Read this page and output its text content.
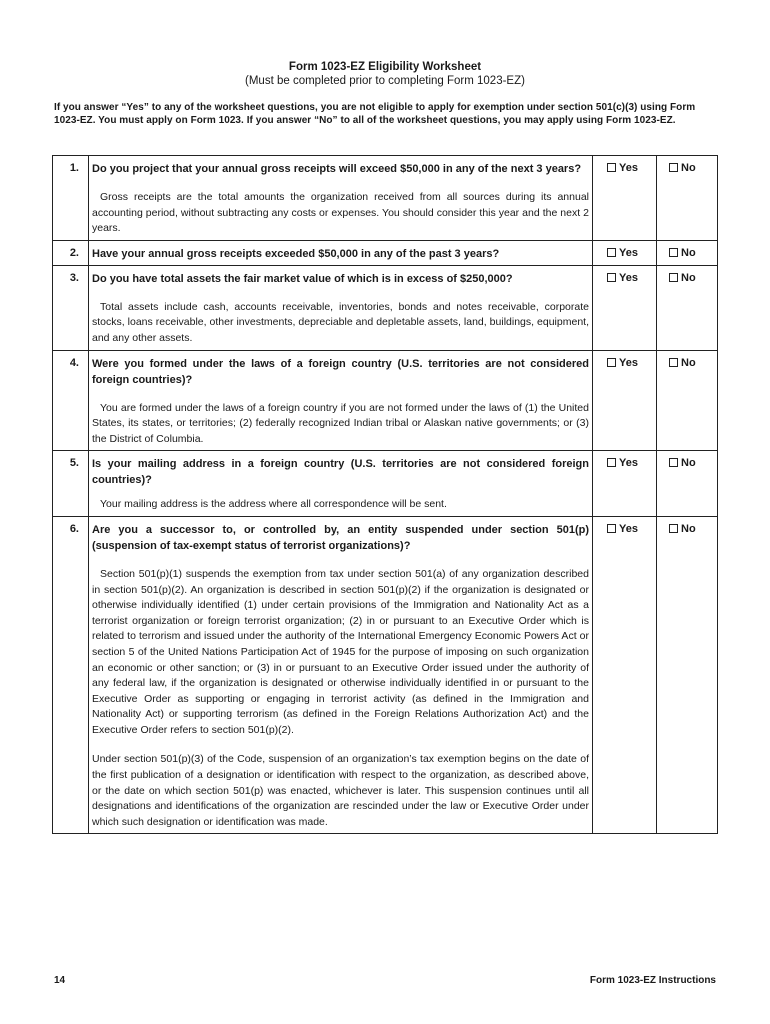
Form 1023-EZ Eligibility Worksheet
(Must be completed prior to completing Form 1023-EZ)
If you answer “Yes” to any of the worksheet questions, you are not eligible to apply for exemption under section 501(c)(3) using Form 1023-EZ. You must apply on Form 1023. If you answer “No” to all of the worksheet questions, you may apply using Form 1023-EZ.
1.	Do you project that your annual gross receipts will exceed $50,000 in any of the next 3 years?
Gross receipts are the total amounts the organization received from all sources during its annual accounting period, without subtracting any costs or expenses. You should consider this year and the next 2 years.	Yes	No
2.	Have your annual gross receipts exceeded $50,000 in any of the past 3 years?	Yes	No
3.	Do you have total assets the fair market value of which is in excess of $250,000?
Total assets include cash, accounts receivable, inventories, bonds and notes receivable, corporate stocks, loans receivable, other investments, depreciable and depletable assets, land, buildings, equipment, and any other assets.	Yes	No
4.	Were you formed under the laws of a foreign country (U.S. territories are not considered foreign countries)?
You are formed under the laws of a foreign country if you are not formed under the laws of (1) the United States, its states, or territories; (2) federally recognized Indian tribal or Alaskan native governments; or (3) the District of Columbia.	Yes	No
5.	Is your mailing address in a foreign country (U.S. territories are not considered foreign countries)?
Your mailing address is the address where all correspondence will be sent.	Yes	No
6.	Are you a successor to, or controlled by, an entity suspended under section 501(p) (suspension of tax-exempt status of terrorist organizations)?
Section 501(p)(1) suspends the exemption from tax under section 501(a) of any organization described in section 501(p)(2). An organization is described in section 501(p)(2) if the organization is designated or otherwise individually identified (1) under certain provisions of the Immigration and Nationality Act as a terrorist organization or foreign terrorist organization; (2) in or pursuant to an Executive Order which is related to terrorism and issued under the authority of the International Emergency Economic Powers Act or section 5 of the United Nations Participation Act of 1945 for the purpose of imposing on such organization an economic or other sanction; or (3) in or pursuant to an Executive Order issued under the authority of any federal law, if the organization is designated or otherwise individually identified in or pursuant to the Executive Order as supporting or engaging in terrorist activity (as defined in the Immigration and Nationality Act) or supporting terrorism (as defined in the Foreign Relations Authorization Act) and the Executive Order refers to section 501(p)(2).
Under section 501(p)(3) of the Code, suspension of an organization’s tax exemption begins on the date of the first publication of a designation or identification with respect to the organization, as described above, or the date on which section 501(p) was enacted, whichever is later. This suspension continues until all designations and identifications of the organization are rescinded under the law or Executive Order under which such designation or identification was made.	Yes	No
14	Form 1023-EZ Instructions
